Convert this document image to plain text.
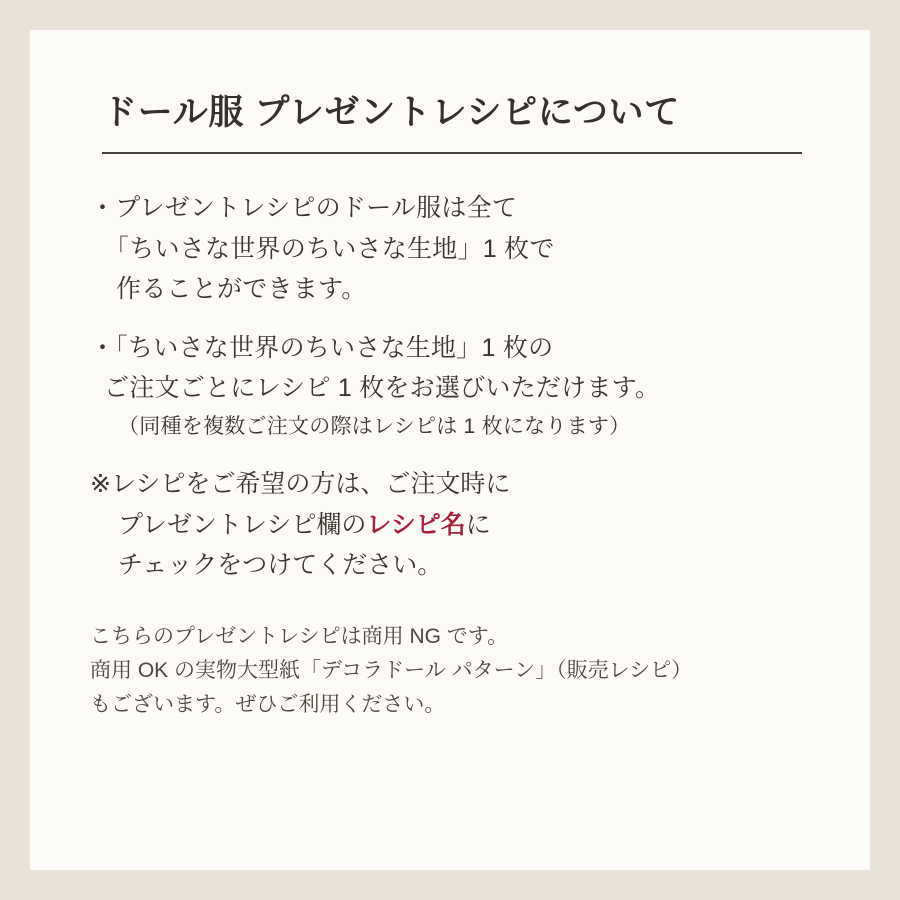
ドール服 プレゼントレシピについて
・プレゼントレシピのドール服は全て
「ちいさな世界のちいさな生地」1 枚で
作ることができます。
・「ちいさな世界のちいさな生地」1 枚の
ご注文ごとにレシピ 1 枚をお選びいただけます。
（同種を複数ご注文の際はレシピは 1 枚になります）
※レシピをご希望の方は、ご注文時に
プレゼントレシピ欄のレシピ名に
チェックをつけてください。
こちらのプレゼントレシピは商用 NG です。
商用 OK の実物大型紙「デコラドール パターン」（販売レシピ）
もございます。ぜひご利用ください。
